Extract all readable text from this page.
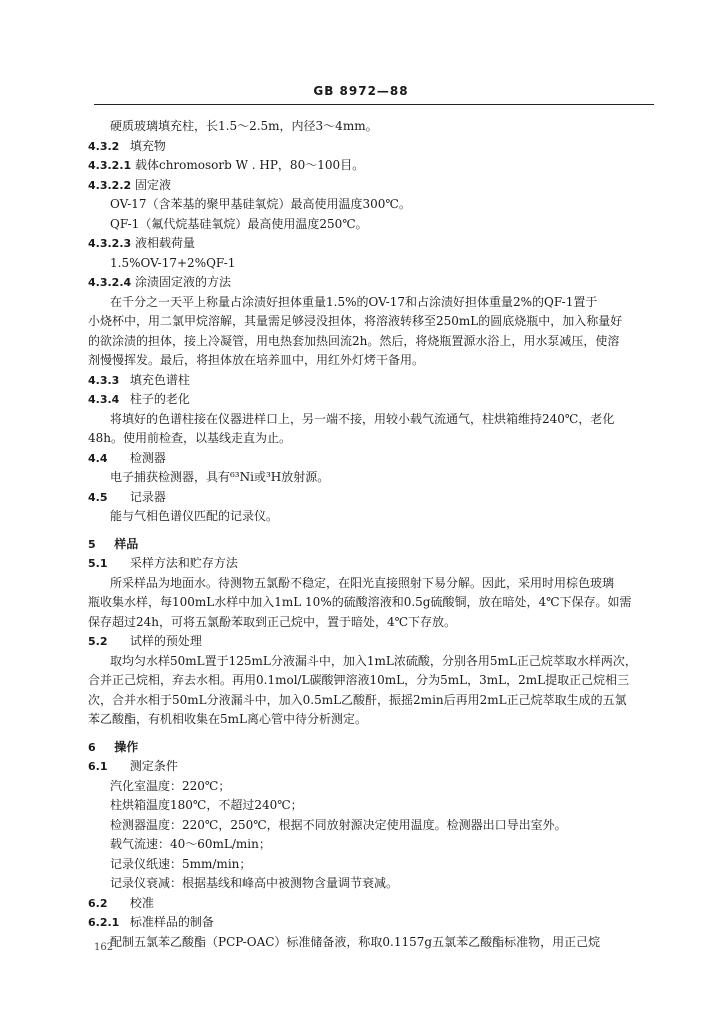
GB 8972—88
硬质玻璃填充柱，长1.5～2.5m，内径3～4mm。
4.3.2 填充物
4.3.2.1 载体chromosorb W . HP，80～100目。
4.3.2.2 固定液
OV-17（含苯基的聚甲基硅氧烷）最高使用温度300℃。
QF-1（氟代烷基硅氧烷）最高使用温度250℃。
4.3.2.3 液相载荷量
1.5%OV-17+2%QF-1
4.3.2.4 涂渍固定液的方法
在千分之一天平上称量占涂渍好担体重量1.5%的OV-17和占涂渍好担体重量2%的QF-1置于
小烧杯中，用二氯甲烷溶解，其量需足够浸没担体，将溶液转移至250mL的圆底烧瓶中，加入称量好
的欲涂渍的担体，接上冷凝管，用电热套加热回流2h。然后，将烧瓶置源水浴上，用水泵减压，使溶
剂慢慢挥发。最后，将担体放在培养皿中，用红外灯烤干备用。
4.3.3 填充色谱柱
4.3.4 柱子的老化
将填好的色谱柱接在仪器进样口上，另一端不接，用较小载气流通气，柱烘箱维持240℃，老化
48h。使用前检查，以基线走直为止。
4.4 检测器
电子捕获检测器，具有⁶³Ni或³H放射源。
4.5 记录器
能与气相色谱仪匹配的记录仪。
5 样品
5.1 采样方法和贮存方法
所采样品为地面水。待测物五氯酚不稳定，在阳光直接照射下易分解。因此，采用时用棕色玻璃
瓶收集水样，每100mL水样中加入1mL 10%的硫酸溶液和0.5g硫酸铜，放在暗处，4℃下保存。如需
保存超过24h，可将五氯酚苯取到正己烷中，置于暗处，4℃下存放。
5.2 试样的预处理
取均匀水样50mL置于125mL分液漏斗中，加入1mL浓硫酸，分别各用5mL正己烷萃取水样两次，
合并正己烷相，弃去水相。再用0.1mol/L碳酸钾溶液10mL，分为5mL，3mL，2mL提取正己烷相三
次，合并水相于50mL分液漏斗中，加入0.5mL乙酸酐，振摇2min后再用2mL正己烷萃取生成的五氯
苯乙酸酯，有机相收集在5mL离心管中待分析测定。
6 操作
6.1 测定条件
汽化室温度：220℃；
柱烘箱温度180℃，不超过240℃；
检测器温度：220℃，250℃，根据不同放射源决定使用温度。检测器出口导出室外。
载气流速：40～60mL/min；
记录仪纸速：5mm/min；
记录仪衰减：根据基线和峰高中被测物含量调节衰减。
6.2 校准
6.2.1 标准样品的制备
配制五氯苯乙酸酯（PCP-OAC）标准储备液，称取0.1157g五氯苯乙酸酯标准物，用正己烷
162
